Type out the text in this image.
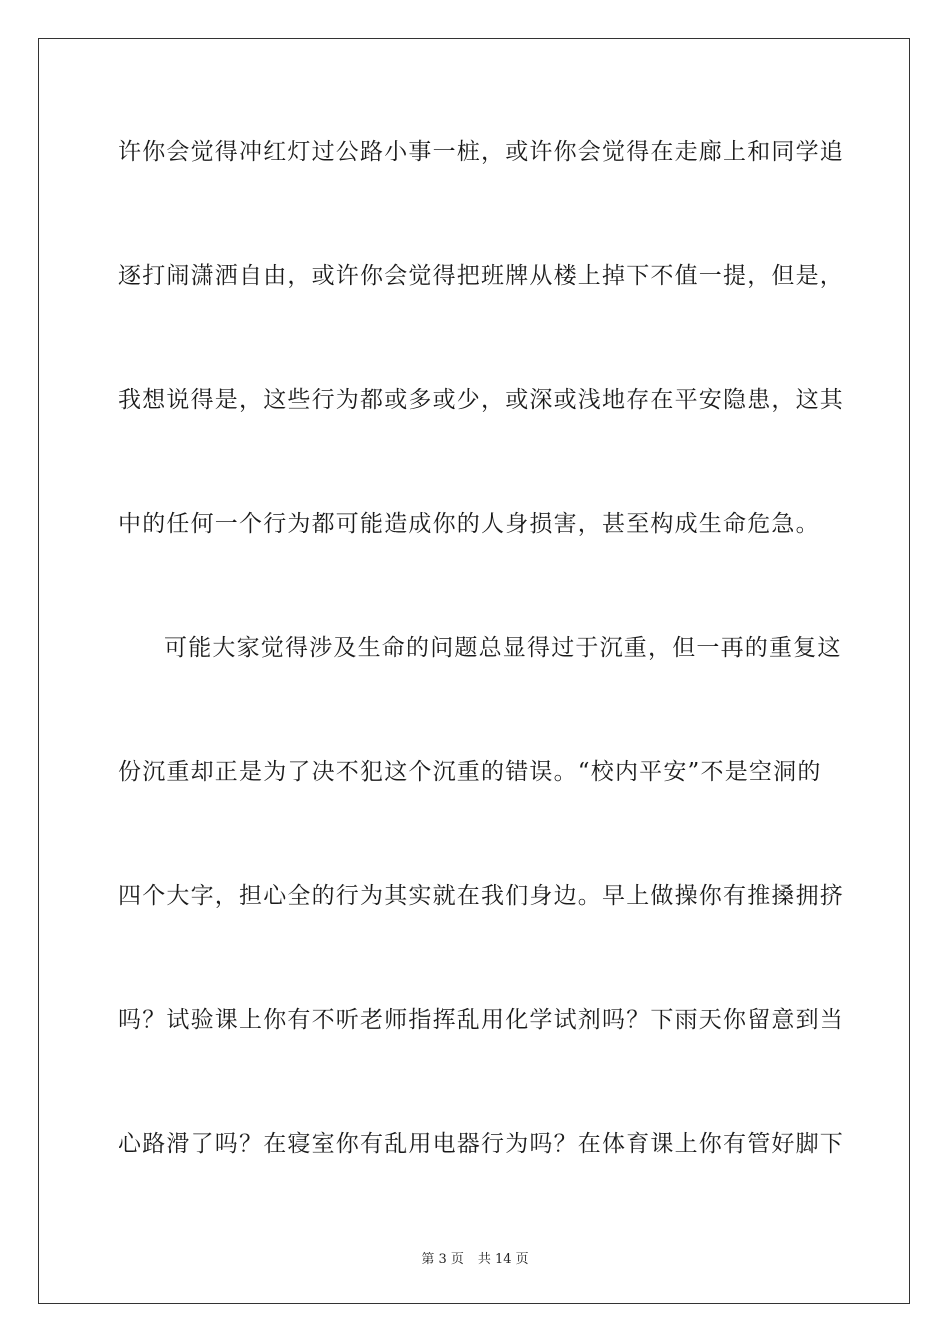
许你会觉得冲红灯过公路小事一桩，或许你会觉得在走廊上和同学追
逐打闹潇洒自由，或许你会觉得把班牌从楼上掉下不值一提，但是，
我想说得是，这些行为都或多或少，或深或浅地存在平安隐患，这其
中的任何一个行为都可能造成你的人身损害，甚至构成生命危急。
可能大家觉得涉及生命的问题总显得过于沉重，但一再的重复这
份沉重却正是为了决不犯这个沉重的错误。“校内平安”不是空洞的
四个大字，担心全的行为其实就在我们身边。早上做操你有推搡拥挤
吗？试验课上你有不听老师指挥乱用化学试剂吗？下雨天你留意到当
心路滑了吗？在寝室你有乱用电器行为吗？在体育课上你有管好脚下
第 3 页 共 14 页
